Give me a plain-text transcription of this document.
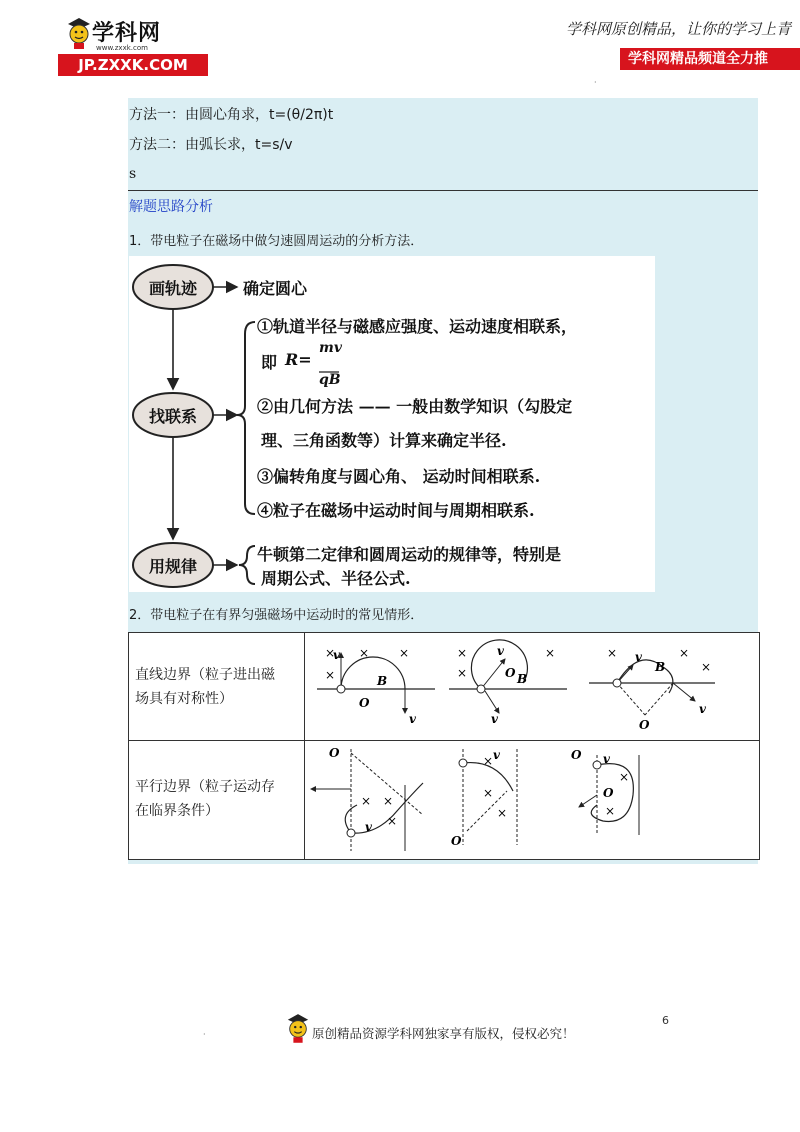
学科网
www.zxxk.com
JP.ZXXK.COM
学科网原创精品，让你的学习上青
学科网精品频道全力推
·
方法一：由圆心角求，t=(θ/2π)t
方法二：由弧长求，t=s/v
s
解题思路分析
1．带电粒子在磁场中做匀速圆周运动的分析方法．
画轨迹
找联系
用规律
确定圆心
①轨道半径与磁感应强度、运动速度相联系，
即 R=
mv
qB
②由几何方法 —— 一般由数学知识（勾股定
理、三角函数等）计算来确定半径.
③偏转角度与圆心角、 运动时间相联系.
④粒子在磁场中运动时间与周期相联系.
牛顿第二定律和圆周运动的规律等，特别是
周期公式、半径公式.
2．带电粒子在有界匀强磁场中运动时的常见情形．
直线边界（粒子进出磁
场具有对称性）
平行边界（粒子运动存
在临界条件）
v
v
B
O
× × ×
×
v
v
O B
×
×
×	v
v
B
O
×	×
×
O
v
× ×
×
O
v
×
×
×
v
O
O
×
×
6
原创精品资源学科网独家享有版权，侵权必究！
·
